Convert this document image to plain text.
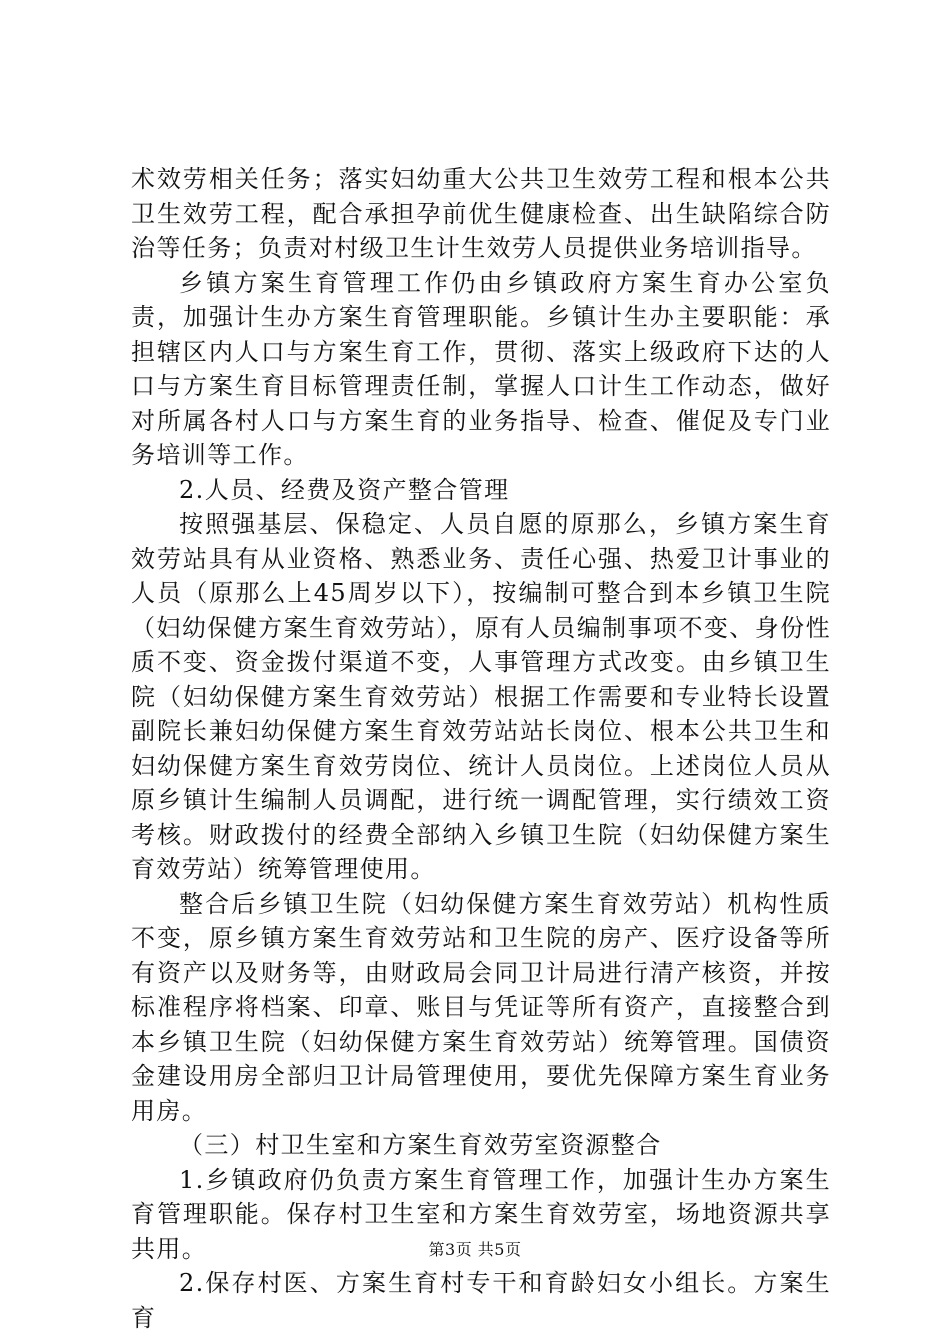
术效劳相关任务；落实妇幼重大公共卫生效劳工程和根本公共卫生效劳工程，配合承担孕前优生健康检查、出生缺陷综合防治等任务；负责对村级卫生计生效劳人员提供业务培训指导。

乡镇方案生育管理工作仍由乡镇政府方案生育办公室负责，加强计生办方案生育管理职能。乡镇计生办主要职能：承担辖区内人口与方案生育工作，贯彻、落实上级政府下达的人口与方案生育目标管理责任制，掌握人口计生工作动态，做好对所属各村人口与方案生育的业务指导、检查、催促及专门业务培训等工作。

2.人员、经费及资产整合管理

按照强基层、保稳定、人员自愿的原那么，乡镇方案生育效劳站具有从业资格、熟悉业务、责任心强、热爱卫计事业的人员（原那么上45周岁以下），按编制可整合到本乡镇卫生院（妇幼保健方案生育效劳站），原有人员编制事项不变、身份性质不变、资金拨付渠道不变，人事管理方式改变。由乡镇卫生院（妇幼保健方案生育效劳站）根据工作需要和专业特长设置副院长兼妇幼保健方案生育效劳站站长岗位、根本公共卫生和妇幼保健方案生育效劳岗位、统计人员岗位。上述岗位人员从原乡镇计生编制人员调配，进行统一调配管理，实行绩效工资考核。财政拨付的经费全部纳入乡镇卫生院（妇幼保健方案生育效劳站）统筹管理使用。

整合后乡镇卫生院（妇幼保健方案生育效劳站）机构性质不变，原乡镇方案生育效劳站和卫生院的房产、医疗设备等所有资产以及财务等，由财政局会同卫计局进行清产核资，并按标准程序将档案、印章、账目与凭证等所有资产，直接整合到本乡镇卫生院（妇幼保健方案生育效劳站）统筹管理。国债资金建设用房全部归卫计局管理使用，要优先保障方案生育业务用房。

（三）村卫生室和方案生育效劳室资源整合

1.乡镇政府仍负责方案生育管理工作，加强计生办方案生育管理职能。保存村卫生室和方案生育效劳室，场地资源共享共用。

2.保存村医、方案生育村专干和育龄妇女小组长。方案生育

第3页 共5页
